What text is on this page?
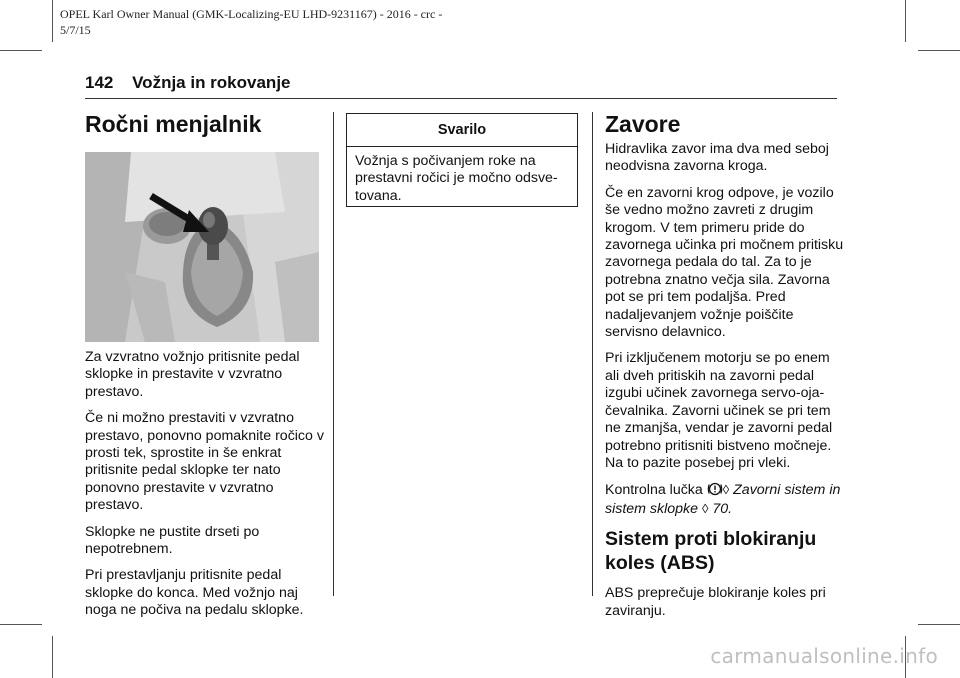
OPEL Karl Owner Manual (GMK-Localizing-EU LHD-9231167) - 2016 - crc -
5/7/15
142 Vožnja in rokovanje
Ročni menjalnik

Za vzvratno vožnjo pritisnite pedal sklopke in prestavite v vzvratno prestavo.

Če ni možno prestaviti v vzvratno prestavo, ponovno pomaknite ročico v prosti tek, sprostite in še enkrat pritisnite pedal sklopke ter nato ponovno prestavite v vzvratno prestavo.

Sklopke ne pustite drseti po nepotrebnem.

Pri prestavljanju pritisnite pedal sklopke do konca. Med vožnjo naj noga ne počiva na pedalu sklopke.

Svarilo
Vožnja s počivanjem roke na prestavni ročici je močno odsve- tovana.
Zavore

Hidravlika zavor ima dva med seboj neodvisna zavorna kroga.

Če en zavorni krog odpove, je vozilo še vedno možno zavreti z drugim krogom. V tem primeru pride do zavornega učinka pri močnem pritisku zavornega pedala do tal. Za to je potrebna znatno večja sila. Zavorna pot se pri tem podaljša. Pred nadaljevanjem vožnje poiščite servisno delavnico.

Pri izključenem motorju se po enem ali dveh pritiskih na zavorni pedal izgubi učinek zavornega servo-oja- čevalnika. Zavorni učinek se pri tem ne zmanjša, vendar je zavorni pedal potrebno pritisniti bistveno močneje. Na to pazite posebej pri vleki.

Kontrolna lučka ◊ Zavorni sistem in sistem sklopke ◊ 70.

Sistem proti blokiranju koles (ABS)

ABS preprečuje blokiranje koles pri zaviranju.

carmanualsonline.info
